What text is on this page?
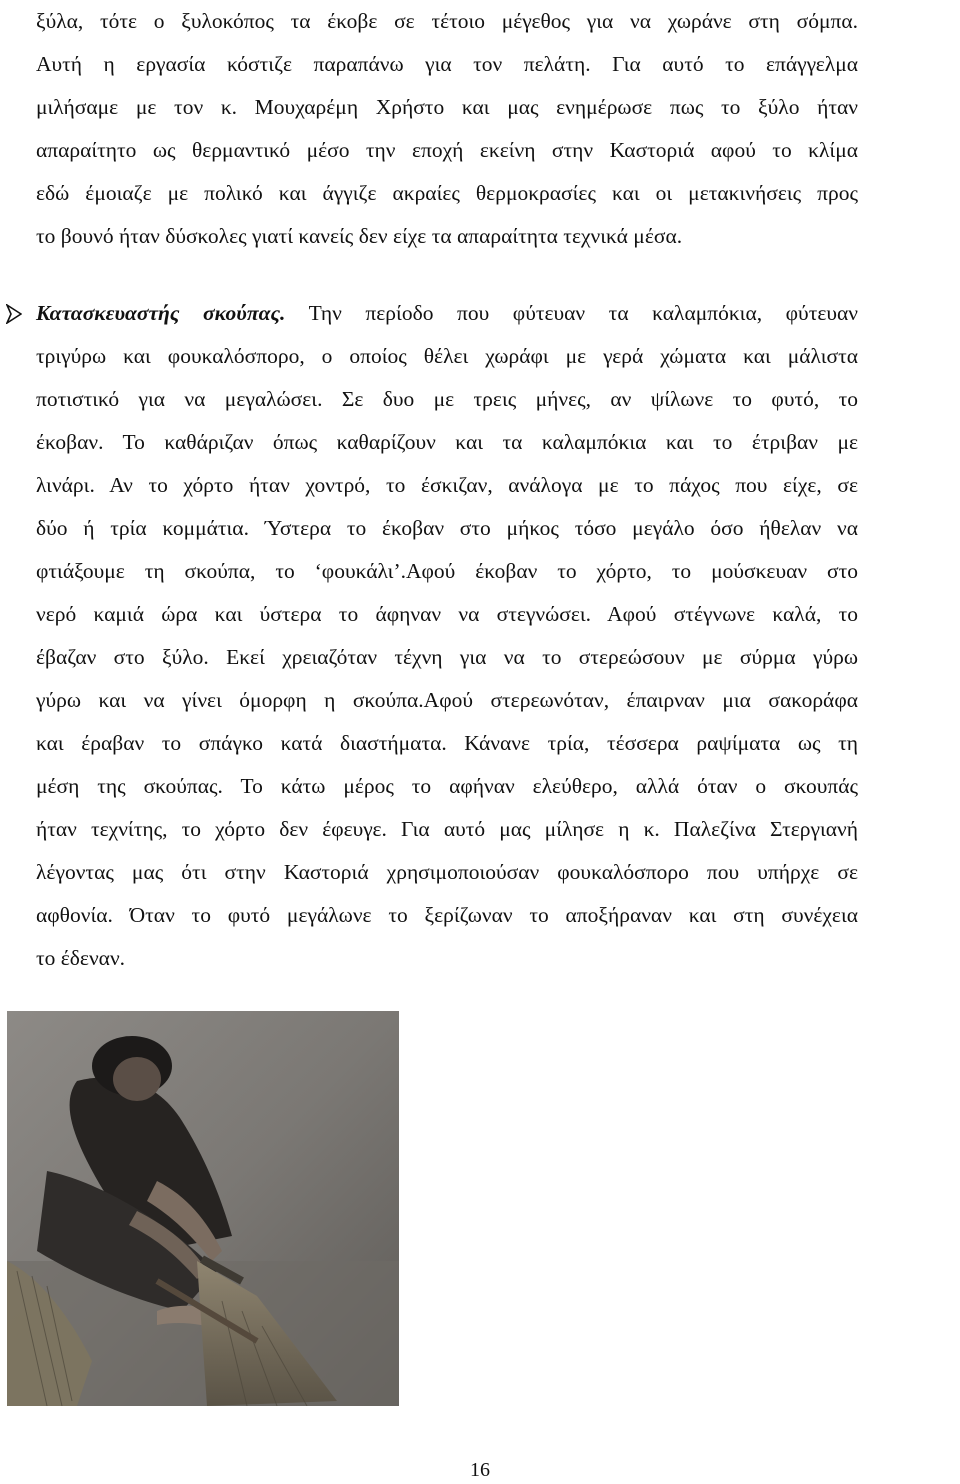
ξύλα, τότε ο ξυλοκόπος τα έκοβε σε τέτοιο μέγεθος για να χωράνε στη σόμπα.
Αυτή η εργασία κόστιζε παραπάνω για τον πελάτη. Για αυτό το επάγγελμα
μιλήσαμε με τον κ. Μουχαρέμη Χρήστο και μας ενημέρωσε πως το ξύλο ήταν
απαραίτητο ως θερμαντικό μέσο την εποχή εκείνη στην Καστοριά αφού το κλίμα
εδώ έμοιαζε με πολικό και άγγιζε ακραίες θερμοκρασίες και οι μετακινήσεις προς
το βουνό ήταν δύσκολες γιατί κανείς δεν είχε τα απαραίτητα τεχνικά μέσα.
Κατασκευαστής σκούπας. Την περίοδο που φύτευαν τα καλαμπόκια, φύτευαν
τριγύρω και φουκαλόσπορο, ο οποίος θέλει χωράφι με γερά χώματα και μάλιστα
ποτιστικό για να μεγαλώσει. Σε δυο με τρεις μήνες, αν ψίλωνε το φυτό, το
έκοβαν. Το καθάριζαν όπως καθαρίζουν και τα καλαμπόκια και το έτριβαν με
λινάρι. Αν το χόρτο ήταν χοντρό, το έσκιζαν, ανάλογα με το πάχος που είχε, σε
δύο ή τρία κομμάτια. Ύστερα το έκοβαν στο μήκος τόσο μεγάλο όσο ήθελαν να
φτιάξουμε τη σκούπα, το ‘φουκάλι’.Αφού έκοβαν το χόρτο, το μούσκευαν στο
νερό καμιά ώρα και ύστερα το άφηναν να στεγνώσει. Αφού στέγνωνε καλά, το
έβαζαν στο ξύλο. Εκεί χρειαζόταν τέχνη για να το στερεώσουν με σύρμα γύρω
γύρω και να γίνει όμορφη η σκούπα.Αφού στερεωνόταν, έπαιρναν μια σακοράφα
και έραβαν το σπάγκο κατά διαστήματα. Κάνανε τρία, τέσσερα ραψίματα ως τη
μέση της σκούπας. Το κάτω μέρος το αφήναν ελεύθερο, αλλά όταν ο σκουπάς
ήταν τεχνίτης, το χόρτο δεν έφευγε. Για αυτό μας μίλησε η κ. Παλεζίνα Στεργιανή
λέγοντας μας ότι στην Καστοριά χρησιμοποιούσαν φουκαλόσπορο που υπήρχε σε
αφθονία. Όταν το φυτό μεγάλωνε το ξερίζωναν το αποξήραναν και στη συνέχεια
το έδεναν.
16
